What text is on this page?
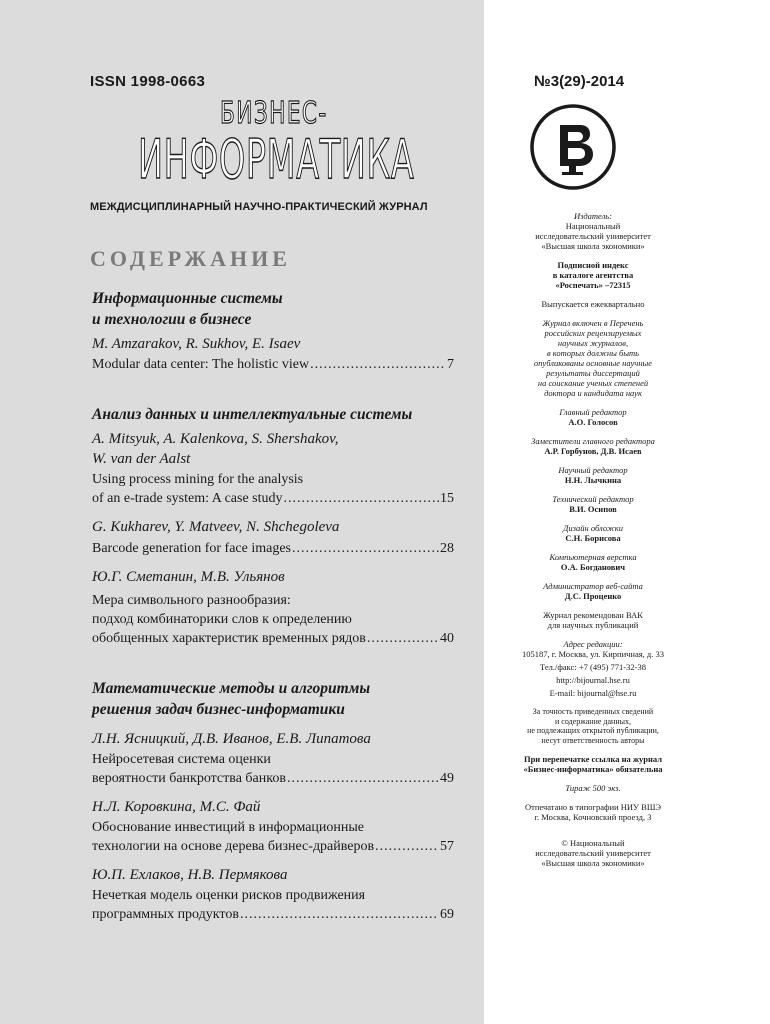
ISSN 1998-0663	№3(29)-2014
БИЗНЕС-
ИНФОРМАТИКА
МЕЖДИСЦИПЛИНАРНЫЙ НАУЧНО-ПРАКТИЧЕСКИЙ ЖУРНАЛ
СОДЕРЖАНИЕ
Информационные системы
и технологии в бизнесе
M. Amzarakov, R. Sukhov, E. Isaev
Modular data center: The holistic view .....	7
Анализ данных и интеллектуальные системы
A. Mitsyuk, A. Kalenkova, S. Shershakov,
W. van der Aalst
Using process mining for the analysis
of an e-trade system: A case study .....	15
G. Kukharev, Y. Matveev, N. Shchegoleva
Barcode generation for face images .....	28
Ю.Г. Сметанин, М.В. Ульянов
Мера символьного разнообразия:
подход комбинаторики слов к определению
обобщенных характеристик временных рядов .....	40
Математические методы и алгоритмы
решения задач бизнес-информатики
Л.Н. Ясницкий, Д.В. Иванов, Е.В. Липатова
Нейросетевая система оценки
вероятности банкротства банков .....	49
Н.Л. Коровкина, М.С. Фай
Обоснование инвестиций в информационные
технологии на основе дерева бизнес-драйверов .....	57
Ю.П. Ехлаков, Н.В. Пермякова
Нечеткая модель оценки рисков продвижения
программных продуктов .....	69
Издатель:
Национальный
исследовательский университет
«Высшая школа экономики»
Подписной индекс
в каталоге агентства
«Роспечать» –72315
Выпускается ежеквартально
Журнал включен в Перечень
российских рецензируемых
научных журналов,
в которых должны быть
опубликованы основные научные
результаты диссертаций
на соискание ученых степеней
доктора и кандидата наук
Главный редактор
А.О. Голосов
Заместители главного редактора
А.Р. Горбунов, Д.В. Исаев
Научный редактор
Н.Н. Лычкина
Технический редактор
В.И. Осипов
Дизайн обложки
С.Н. Борисова
Компьютерная верстка
О.А. Богданович
Администратор веб-сайта
Д.С. Проценко
Журнал рекомендован ВАК
для научных публикаций
Адрес редакции:
105187, г. Москва, ул. Кирпичная, д. 33
Тел./факс: +7 (495) 771-32-38
http://bijournal.hse.ru
E-mail: bijournal@hse.ru
За точность приведенных сведений
и содержание данных,
не подлежащих открытой публикации,
несут ответственность авторы
При перепечатке ссылка на журнал
«Бизнес-информатика» обязательна
Тираж 500 экз.
Отпечатано в типографии НИУ ВШЭ
г. Москва, Кочновский проезд, 3
© Национальный
исследовательский университет
«Высшая школа экономики»
